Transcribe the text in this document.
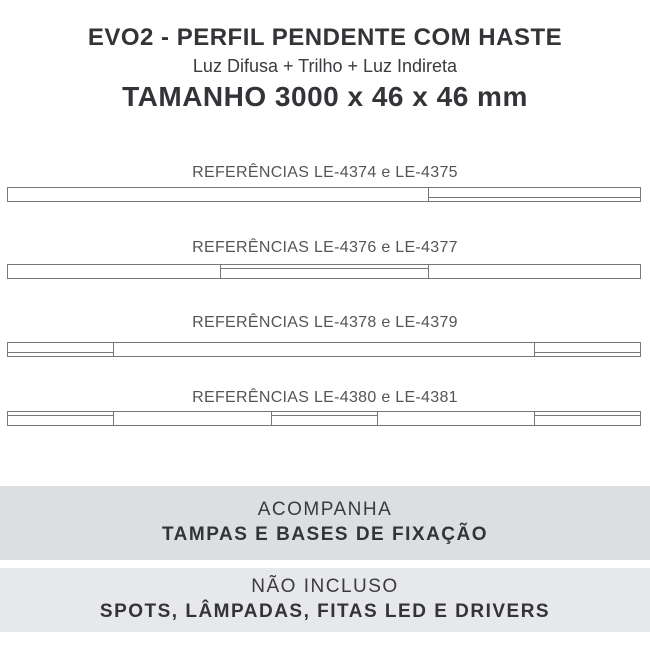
EVO2 - PERFIL PENDENTE COM HASTE
Luz Difusa + Trilho + Luz Indireta
TAMANHO 3000 x 46 x 46 mm
REFERÊNCIAS LE-4374 e LE-4375
REFERÊNCIAS LE-4376 e LE-4377
REFERÊNCIAS LE-4378 e LE-4379
REFERÊNCIAS LE-4380 e LE-4381
ACOMPANHA
TAMPAS E BASES DE FIXAÇÃO
NÃO INCLUSO
SPOTS, LÂMPADAS, FITAS LED E DRIVERS
